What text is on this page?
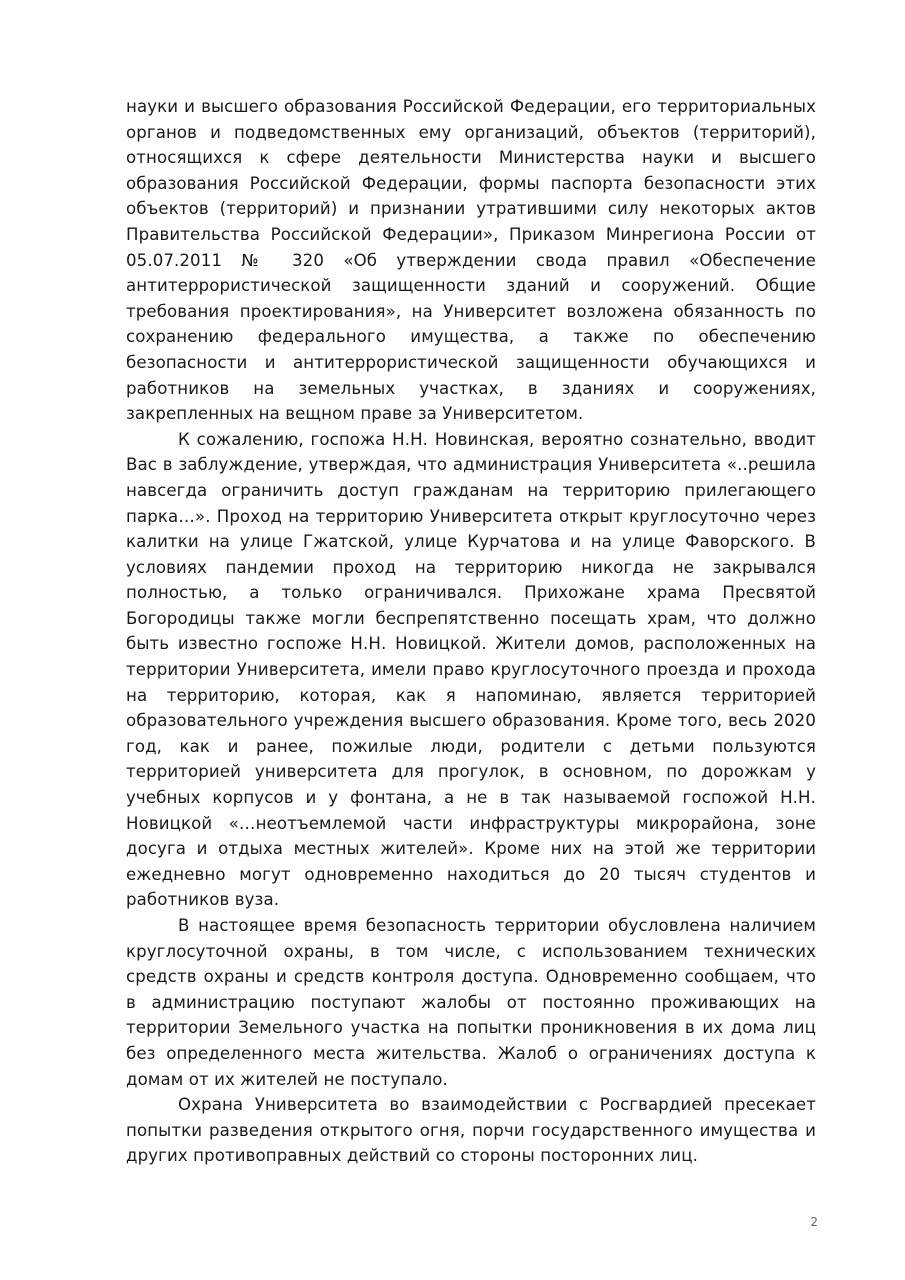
науки и высшего образования Российской Федерации, его территориальных органов и подведомственных ему организаций, объектов (территорий), относящихся к сфере деятельности Министерства науки и высшего образования Российской Федерации, формы паспорта безопасности этих объектов (территорий) и признании утратившими силу некоторых актов Правительства Российской Федерации», Приказом Минрегиона России от 05.07.2011 № 320 «Об утверждении свода правил «Обеспечение антитеррористической защищенности зданий и сооружений. Общие требования проектирования», на Университет возложена обязанность по сохранению федерального имущества, а также по обеспечению безопасности и антитеррористической защищенности обучающихся и работников на земельных участках, в зданиях и сооружениях, закрепленных на вещном праве за Университетом.

К сожалению, госпожа Н.Н. Новинская, вероятно сознательно, вводит Вас в заблуждение, утверждая, что администрация Университета «..решила навсегда ограничить доступ гражданам на территорию прилегающего парка…». Проход на территорию Университета открыт круглосуточно через калитки на улице Гжатской, улице Курчатова и на улице Фаворского. В условиях пандемии проход на территорию никогда не закрывался полностью, а только ограничивался. Прихожане храма Пресвятой Богородицы также могли беспрепятственно посещать храм, что должно быть известно госпоже Н.Н. Новицкой. Жители домов, расположенных на территории Университета, имели право круглосуточного проезда и прохода на территорию, которая, как я напоминаю, является территорией образовательного учреждения высшего образования. Кроме того, весь 2020 год, как и ранее, пожилые люди, родители с детьми пользуются территорией университета для прогулок, в основном, по дорожкам у учебных корпусов и у фонтана, а не в так называемой госпожой Н.Н. Новицкой «…неотъемлемой части инфраструктуры микрорайона, зоне досуга и отдыха местных жителей». Кроме них на этой же территории ежедневно могут одновременно находиться до 20 тысяч студентов и работников вуза.

В настоящее время безопасность территории обусловлена наличием круглосуточной охраны, в том числе, с использованием технических средств охраны и средств контроля доступа. Одновременно сообщаем, что в администрацию поступают жалобы от постоянно проживающих на территории Земельного участка на попытки проникновения в их дома лиц без определенного места жительства. Жалоб о ограничениях доступа к домам от их жителей не поступало.

Охрана Университета во взаимодействии с Росгвардией пресекает попытки разведения открытого огня, порчи государственного имущества и других противоправных действий со стороны посторонних лиц.

2
